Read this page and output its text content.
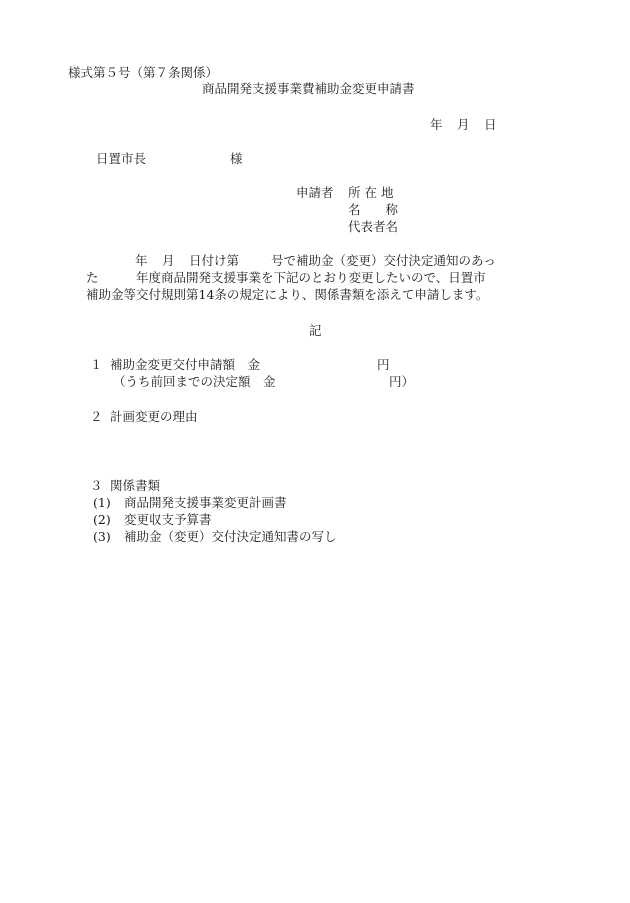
様式第５号（第７条関係）
商品開発支援事業費補助金変更申請書
年 月 日
日置市長	様
申請者 所 在 地
名　　称
代表者名
年 月 日付け第	号で補助金（変更）交付決定通知のあっ
た	年度商品開発支援事業を下記のとおり変更したいので、日置市
補助金等交付規則第14条の規定により、関係書類を添えて申請します。
記
１ 補助金変更交付申請額　金	円
（うち前回までの決定額　金	円）
２ 計画変更の理由
３ 関係書類
(1) 商品開発支援事業変更計画書
(2) 変更収支予算書
(3) 補助金（変更）交付決定通知書の写し
